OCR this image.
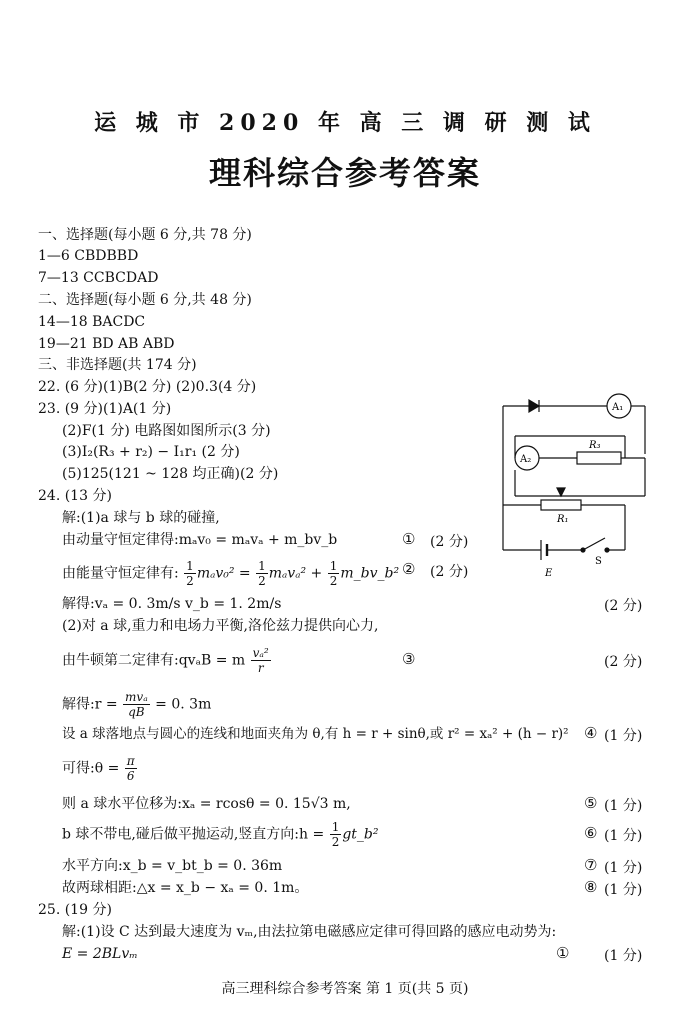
运 城 市 2020 年 高 三 调 研 测 试
理科综合参考答案
一、选择题(每小题 6 分,共 78 分)
1—6 CBDBBD
7—13 CCBCDAD
二、选择题(每小题 6 分,共 48 分)
14—18 BACDC
19—21 BD AB ABD
三、非选择题(共 174 分)
22. (6 分)(1)B(2 分) (2)0.3(4 分)
23. (9 分)(1)A(1 分)
(2)F(1 分) 电路图如图所示(3 分)
(3)I₂(R₃ + r₂) − I₁r₁ (2 分)
(5)125(121 ~ 128 均正确)(2 分)
A₁
A₂
R₃
R₁
E
S
24. (13 分)
解:(1)a 球与 b 球的碰撞,
由动量守恒定律得:mₐv₀ = mₐvₐ + m_bv_b	① (2 分)
由能量守恒定律有: $\frac{1}{2} m_av_0^2 = \frac{1}{2} m_av_a^2 + \frac{1}{2}$ m_bv_b² ② (2 分)
解得:vₐ = 0. 3m/s v_b = 1. 2m/s	(2 分)
(2)对 a 球,重力和电场力平衡,洛伦兹力提供向心力,
由牛顿第二定律有:qvₐB = m $\frac{\text{vₐ²}}{r}$	③	(2 分)
解得:r = $\frac{\text{mvₐ}}{qB} = 0$. 3m
设 a 球落地点与圆心的连线和地面夹角为 θ,有 h = r + sinθ,或 r² = xₐ² + (h − r)² ④ (1 分)
可得:θ = $\frac{\pi}{6}$
则 a 球水平位移为:xₐ = rcosθ = 0. 15√3 m,	⑤ (1 分)
b 球不带电,碰后做平抛运动,竖直方向:h = $\frac{1}{2}$ gt_b²	⑥ (1 分)
水平方向:x_b = v_bt_b = 0. 36m	⑦ (1 分)
故两球相距:△x = x_b − xₐ = 0. 1m。	⑧ (1 分)
25. (19 分)
解:(1)设 C 达到最大速度为 vₘ,由法拉第电磁感应定律可得回路的感应电动势为:
E = 2BLvₘ	① (1 分)
高三理科综合参考答案 第 1 页(共 5 页)
